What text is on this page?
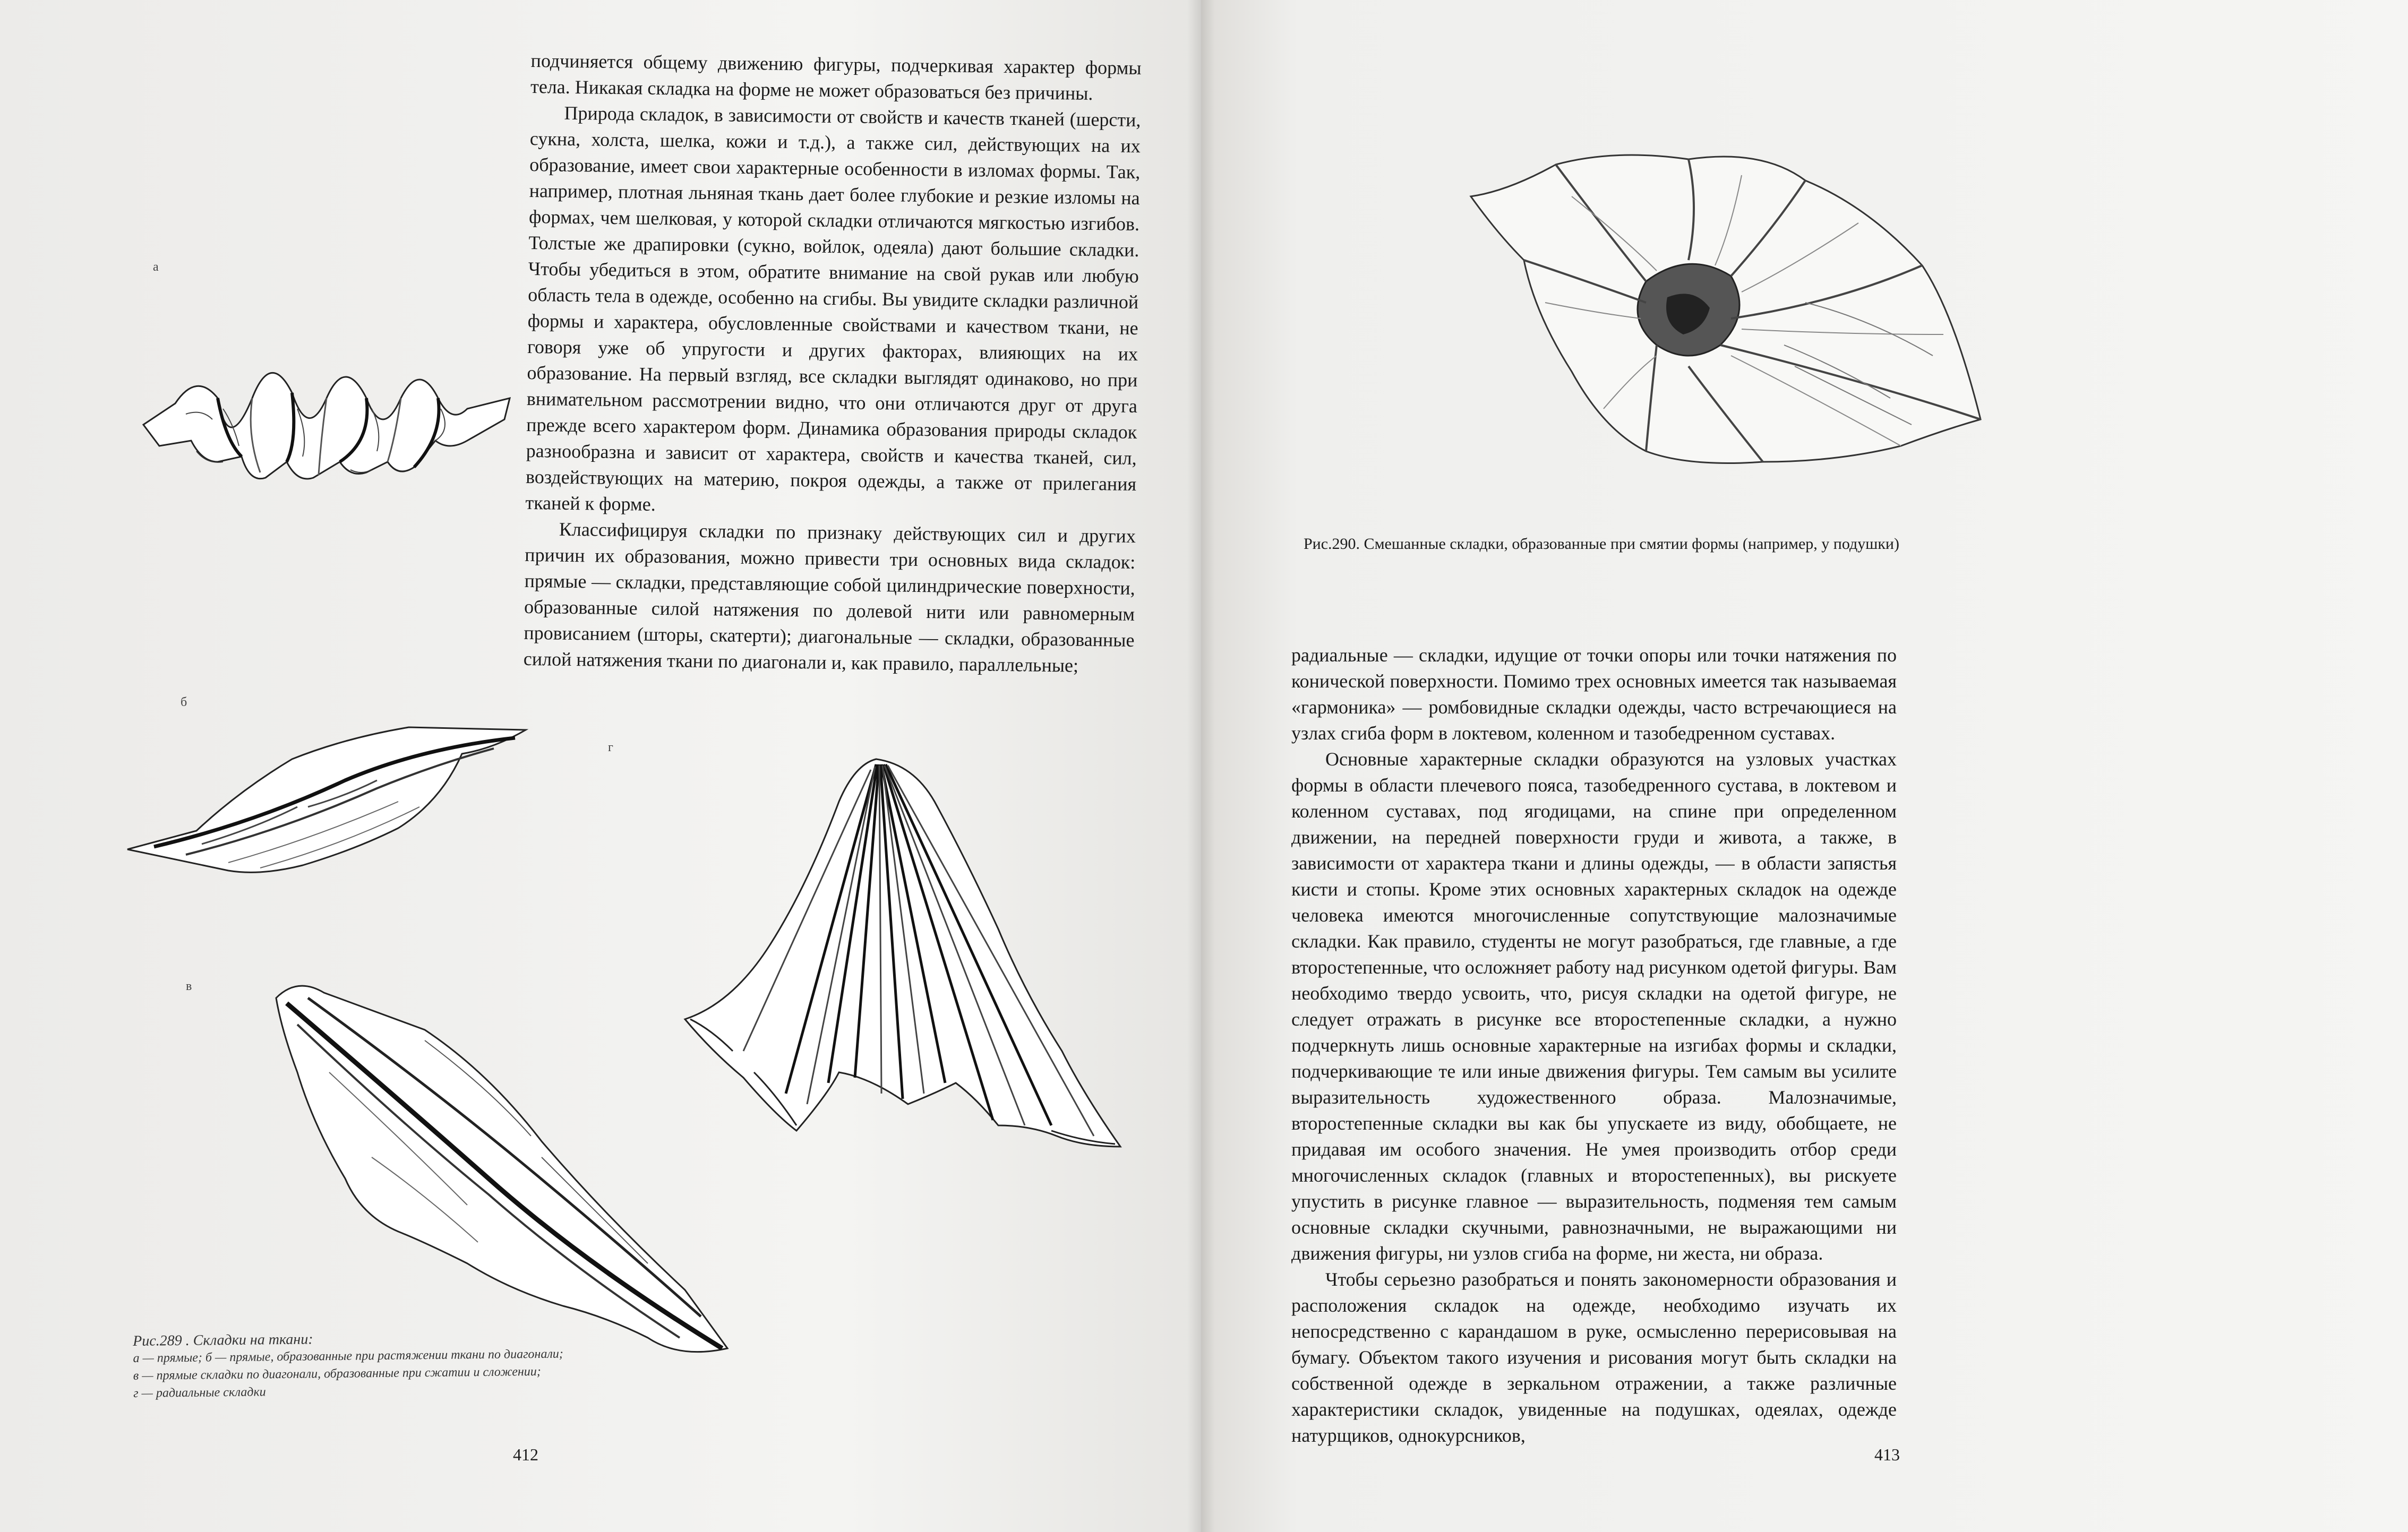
подчиняется общему движению фигуры, подчеркивая характер формы тела. Никакая складка на форме не может образоваться без причины.

Природа складок, в зависимости от свойств и качеств тканей (шерсти, сукна, холста, шелка, кожи и т.д.), а также сил, действующих на их образование, имеет свои характерные особенности в изломах формы. Так, например, плотная льняная ткань дает более глубокие и резкие изломы на формах, чем шелковая, у которой складки отличаются мягкостью изгибов. Толстые же драпировки (сукно, войлок, одеяла) дают большие складки. Чтобы убедиться в этом, обратите внимание на свой рукав или любую область тела в одежде, особенно на сгибы. Вы увидите складки различной формы и характера, обусловленные свойствами и качеством ткани, не говоря уже об упругости и других факторах, влияющих на их образование. На первый взгляд, все складки выглядят одинаково, но при внимательном рассмотрении видно, что они отличаются друг от друга прежде всего характером форм. Динамика образования природы складок разнообразна и зависит от характера, свойств и качества тканей, сил, воздействующих на материю, покроя одежды, а также от прилегания тканей к форме.

Классифицируя складки по признаку действующих сил и других причин их образования, можно привести три основных вида складок: прямые — складки, представляющие собой цилиндрические поверхности, образованные силой натяжения по долевой нити или равномерным провисанием (шторы, скатерти); диагональные — складки, образованные силой натяжения ткани по диагонали и, как правило, параллельные;

а
б
в
г
Рис.289 . Складки на ткани:
а — прямые; б — прямые, образованные при растяжении ткани по диагонали;
в — прямые складки по диагонали, образованные при сжатии и сложении;
г — радиальные складки
412
Рис.290. Смешанные складки, образованные при смятии формы (например, у подушки)

радиальные — складки, идущие от точки опоры или точки натяжения по конической поверхности. Помимо трех основных имеется так называемая «гармоника» — ромбовидные складки одежды, часто встречающиеся на узлах сгиба форм в локтевом, коленном и тазобедренном суставах.

Основные характерные складки образуются на узловых участках формы в области плечевого пояса, тазобедренного сустава, в локтевом и коленном суставах, под ягодицами, на спине при определенном движении, на передней поверхности груди и живота, а также, в зависимости от характера ткани и длины одежды, — в области запястья кисти и стопы. Кроме этих основных характерных складок на одежде человека имеются многочисленные сопутствующие малозначимые складки. Как правило, студенты не могут разобраться, где главные, а где второстепенные, что осложняет работу над рисунком одетой фигуры. Вам необходимо твердо усвоить, что, рисуя складки на одетой фигуре, не следует отражать в рисунке все второстепенные складки, а нужно подчеркнуть лишь основные характерные на изгибах формы и складки, подчеркивающие те или иные движения фигуры. Тем самым вы усилите выразительность художественного образа. Малозначимые, второстепенные складки вы как бы упускаете из виду, обобщаете, не придавая им особого значения. Не умея производить отбор среди многочисленных складок (главных и второстепенных), вы рискуете упустить в рисунке главное — выразительность, подменяя тем самым основные складки скучными, равнозначными, не выражающими ни движения фигуры, ни узлов сгиба на форме, ни жеста, ни образа.

Чтобы серьезно разобраться и понять закономерности образования и расположения складок на одежде, необходимо изучать их непосредственно с карандашом в руке, осмысленно перерисовывая на бумагу. Объектом такого изучения и рисования могут быть складки на собственной одежде в зеркальном отражении, а также различные характеристики складок, увиденные на подушках, одеялах, одежде натурщиков, однокурсников,

413
